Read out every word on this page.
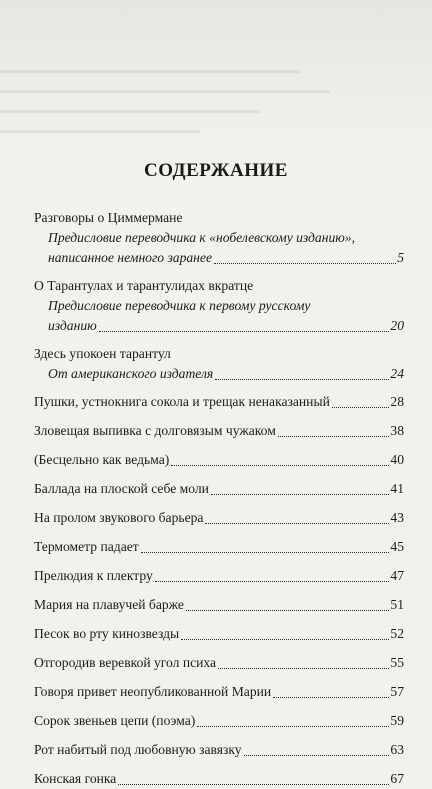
СОДЕРЖАНИЕ
Разговоры о Циммермане
Предисловие переводчика к «нобелевскому изданию»,
написанное немного заранее	5
О Тарантулах и тарантулидах вкратце
Предисловие переводчика к первому русскому
изданию	20
Здесь упокоен тарантул
От американского издателя	24
Пушки, устнокнига сокола и трещак ненаказанный	28
Зловещая выпивка с долговязым чужаком	38
(Бесцельно как ведьма)	40
Баллада на плоской себе моли	41
На пролом звукового барьера	43
Термометр падает	45
Прелюдия к плектру	47
Мария на плавучей барже	51
Песок во рту кинозвезды	52
Отгородив веревкой угол психа	55
Говоря привет неопубликованной Марии	57
Сорок звеньев цепи (поэма)	59
Рот набитый под любовную завязку	63
Конская гонка	67
